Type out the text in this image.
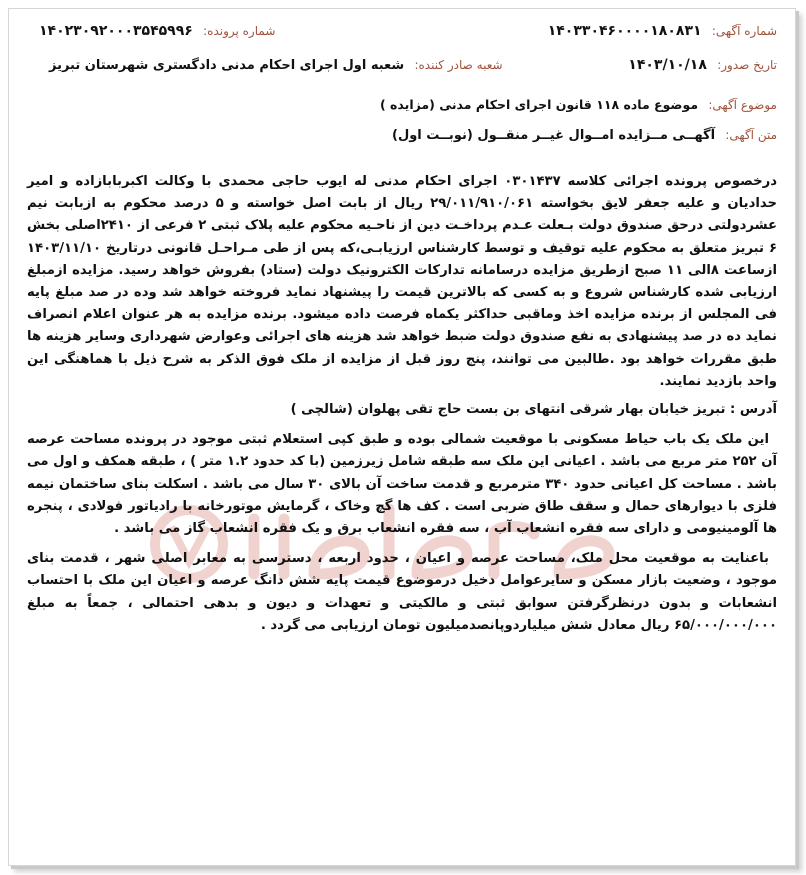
شماره آگهی: ۱۴۰۳۳۰۴۶۰۰۰۰۱۸۰۸۳۱
شماره پرونده: ۱۴۰۲۳۰۹۲۰۰۰۳۵۴۵۹۹۶
تاریخ صدور: ۱۴۰۳/۱۰/۱۸
شعبه صادر کننده: شعبه اول اجرای احکام مدنی دادگستری شهرستان تبریز
موضوع آگهی: موضوع ماده ۱۱۸ قانون اجرای احکام مدنی (مزایده )
متن آگهی: آگهــی مــزایده امــوال غیــر منقــول (نوبــت اول)

درخصوص پرونده اجرائی کلاسه ۰۳۰۱۴۳۷ اجرای احکام مدنی له ایوب حاجی محمدی با وکالت اکبربابازاده و امیر حدادیان و علیه جعفر لایق بخواسته ۲۹/۰۱۱/۹۱۰/۰۶۱ ریال از بابت اصل خواسته و ۵ درصد محکوم به ازبابت نیم عشردولتی درحق صندوق دولت بـعلت عـدم پرداخـت دین از ناحـیه محکوم علیه پلاک ثبتی ۲ فرعی از ۲۴۱۰اصلی بخش ۶ تبریز متعلق به محکوم علیه توقیف و توسط کارشناس ارزیابـی،که پس از طی مـراحـل قانونی درتاریخ ۱۴۰۳/۱۱/۱۰ ازساعت ۸الی ۱۱ صبح ازطریق مزایده درسامانه تدارکات الکترونیک دولت (ستاد) بفروش خواهد رسید. مزایده ازمبلغ ارزیابی شده کارشناس شروع و به کسی که بالاترین قیمت را پیشنهاد نماید فروخته خواهد شد وده در صد مبلغ پایه فی المجلس از برنده مزایده اخذ وماقبی حداکثر یکماه فرصت داده میشود. برنده مزایده به هر عنوان اعلام انصراف نماید ده در صد پیشنهادی به نفع صندوق دولت ضبط خواهد شد هزینه های اجرائی وعوارض شهرداری وسایر هزینه ها طبق مقررات خواهد بود .طالبین می توانند، پنج روز قبل از مزایده از ملک فوق الذکر به شرح ذیل با هماهنگی این واحد بازدید نمایند.

آدرس : تبریز خیابان بهار شرقی انتهای بن بست حاج تقی پهلوان (شالچی )

این ملک یک باب حیاط مسکونی با موقعیت شمالی بوده و طبق کپی استعلام ثبتی موجود در پرونده مساحت عرصه آن ۲۵۲ متر مربع می باشد . اعیانی این ملک سه طبقه شامل زیرزمین (با کد حدود ۱.۲ متر ) ، طبقه همکف و اول می باشد . مساحت کل اعیانی حدود ۳۴۰ مترمربع و قدمت ساخت آن بالای ۳۰ سال می باشد . اسکلت بنای ساختمان نیمه فلزی با دیوارهای حمال و سقف طاق ضربی است . کف ها گچ وخاک ، گرمایش موتورخانه با رادیاتور فولادی ، پنجره ها آلومینیومی و دارای سه فقره انشعاب آب ، سه فقره انشعاب برق و یک فقره انشعاب گاز می باشد .

باعنایت به موقعیت محل ملک، مساحت عرصه و اعیان ، حدود اربعه ، دسترسی به معابر اصلی شهر ، قدمت بنای موجود ، وضعیت بازار مسکن و سایرعوامل دخیل درموضوع قیمت پایه شش دانگ عرصه و اعیان این ملک با احتساب انشعابات و بدون درنظرگرفتن سوابق ثبتی و مالکیتی و تعهدات و دیون و بدهی احتمالی ، جمعاً به مبلغ ۶۵/۰۰۰/۰۰۰/۰۰۰ ریال معادل شش میلیاردوپانصدمیلیون تومان ارزیابی می گردد .
